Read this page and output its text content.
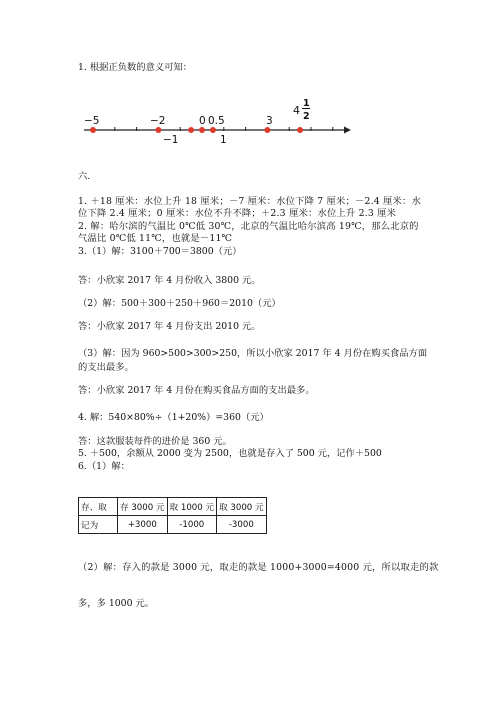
1. 根据正负数的意义可知：
−5	−2	0 0.5	3
4
1
2
−1	1
六.
1. ＋18 厘米：水位上升 18 厘米；－7 厘米：水位下降 7 厘米；－2.4 厘米：水
位下降 2.4 厘米；0 厘米：水位不升不降；＋2.3 厘米：水位上升 2.3 厘米
2. 解：哈尔滨的气温比 0℃低 30℃，北京的气温比哈尔滨高 19℃，那么北京的
气温比 0℃低 11℃，也就是－11℃
3.（1）解：3100＋700＝3800（元）
答：小欣家 2017 年 4 月份收入 3800 元。
（2）解：500＋300＋250＋960＝2010（元）
答：小欣家 2017 年 4 月份支出 2010 元。
（3）解：因为 960>500>300>250，所以小欣家 2017 年 4 月份在购买食品方面
的支出最多。
答：小欣家 2017 年 4 月份在购买食品方面的支出最多。
4. 解：540×80%÷（1+20%）=360（元）
答：这款服装每件的进价是 360 元。
5. ＋500，余额从 2000 变为 2500，也就是存入了 500 元，记作＋500
6.（1）解：
存、取	存 3000 元	取 1000 元	取 3000 元
记为	+3000	-1000	-3000
（2）解：存入的款是 3000 元，取走的款是 1000+3000=4000 元，所以取走的款
多，多 1000 元。
